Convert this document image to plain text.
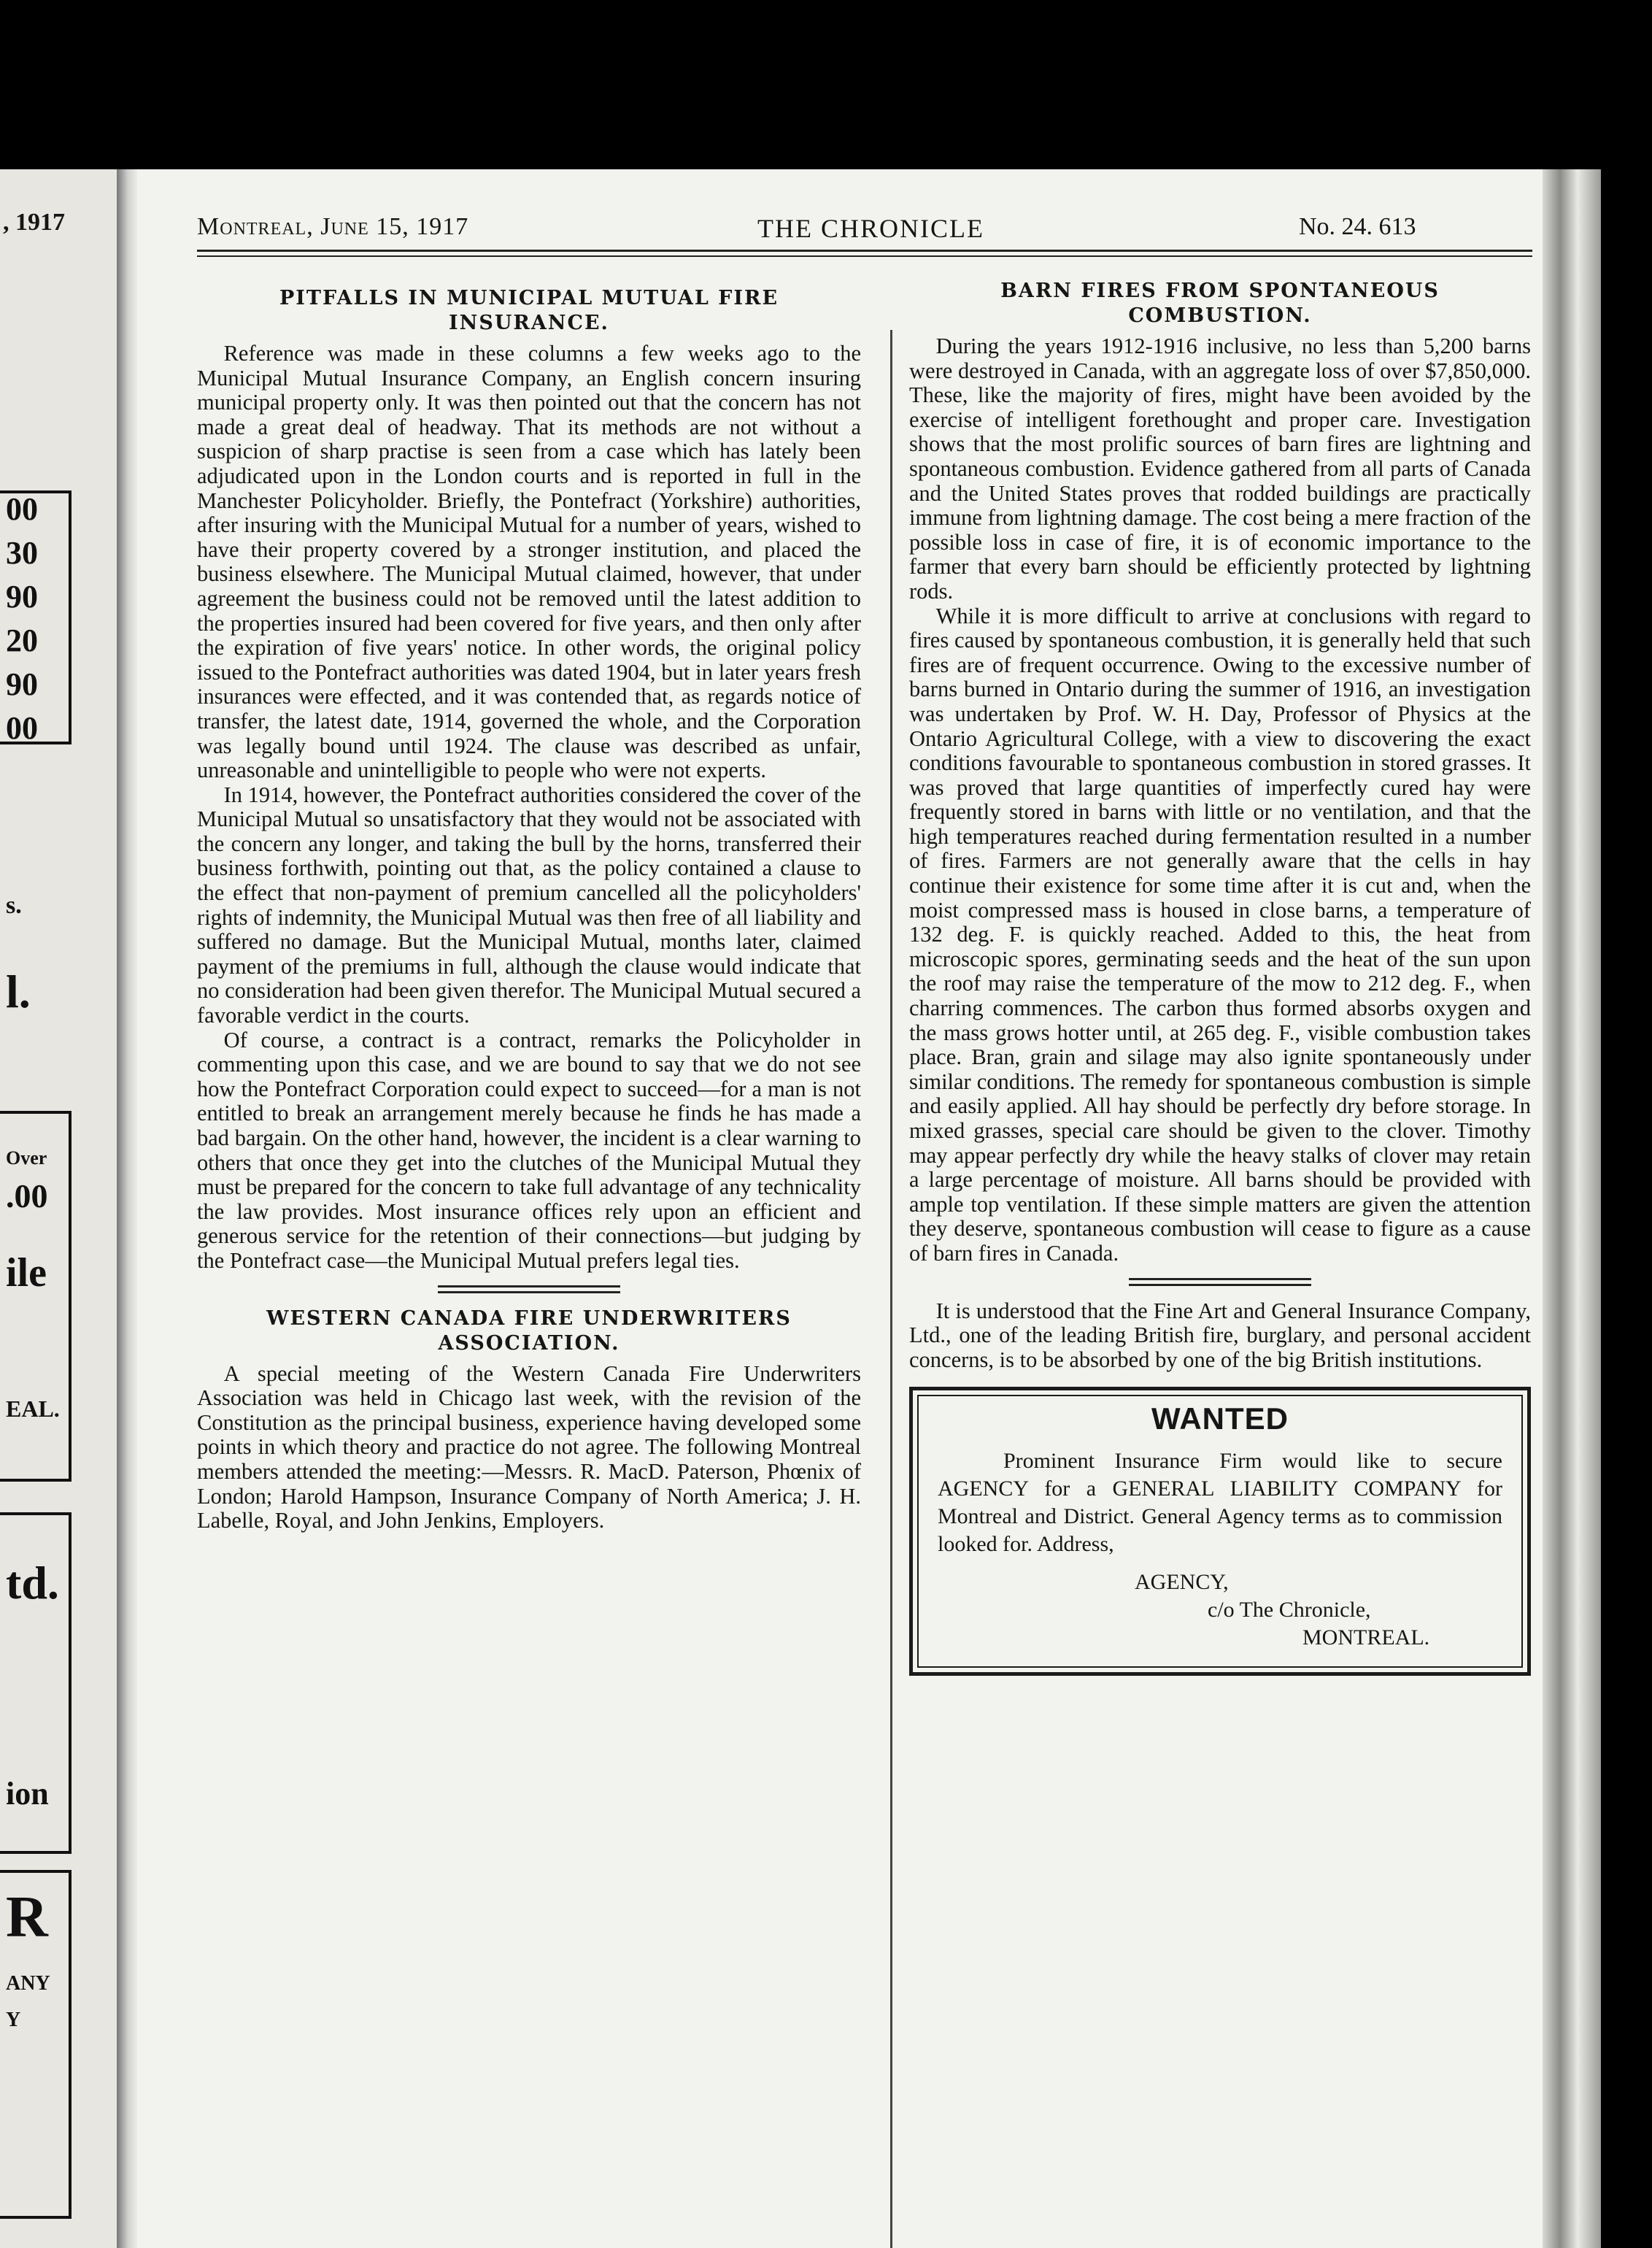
, 1917
00
30
90
20
90
00
s.
l.
Over
.00
ile
EAL.
td.
ion
R
ANY
Y
Montreal, June 15, 1917	THE CHRONICLE	No. 24. 613
PITFALLS IN MUNICIPAL MUTUAL FIRE INSURANCE.

Reference was made in these columns a few weeks ago to the Municipal Mutual Insurance Company, an English concern insuring municipal property only. It was then pointed out that the concern has not made a great deal of headway. That its methods are not without a suspicion of sharp practise is seen from a case which has lately been adjudicated upon in the London courts and is reported in full in the Manchester Policyholder. Briefly, the Pontefract (Yorkshire) authorities, after insuring with the Municipal Mutual for a number of years, wished to have their property covered by a stronger institution, and placed the business elsewhere. The Municipal Mutual claimed, however, that under agreement the business could not be removed until the latest addition to the properties insured had been covered for five years, and then only after the expiration of five years' notice. In other words, the original policy issued to the Pontefract authorities was dated 1904, but in later years fresh insurances were effected, and it was contended that, as regards notice of transfer, the latest date, 1914, governed the whole, and the Corporation was legally bound until 1924. The clause was described as unfair, unreasonable and unintelligible to people who were not experts.

In 1914, however, the Pontefract authorities considered the cover of the Municipal Mutual so unsatisfactory that they would not be associated with the concern any longer, and taking the bull by the horns, transferred their business forthwith, pointing out that, as the policy contained a clause to the effect that non-payment of premium cancelled all the policyholders' rights of indemnity, the Municipal Mutual was then free of all liability and suffered no damage. But the Municipal Mutual, months later, claimed payment of the premiums in full, although the clause would indicate that no consideration had been given therefor. The Municipal Mutual secured a favorable verdict in the courts.

Of course, a contract is a contract, remarks the Policyholder in commenting upon this case, and we are bound to say that we do not see how the Pontefract Corporation could expect to succeed—for a man is not entitled to break an arrangement merely because he finds he has made a bad bargain. On the other hand, however, the incident is a clear warning to others that once they get into the clutches of the Municipal Mutual they must be prepared for the concern to take full advantage of any technicality the law provides. Most insurance offices rely upon an efficient and generous service for the retention of their connections—but judging by the Pontefract case—the Municipal Mutual prefers legal ties.

WESTERN CANADA FIRE UNDERWRITERS ASSOCIATION.

A special meeting of the Western Canada Fire Underwriters Association was held in Chicago last week, with the revision of the Constitution as the principal business, experience having developed some points in which theory and practice do not agree. The following Montreal members attended the meeting:—Messrs. R. MacD. Paterson, Phœnix of London; Harold Hampson, Insurance Company of North America; J. H. Labelle, Royal, and John Jenkins, Employers.

BARN FIRES FROM SPONTANEOUS COMBUSTION.

During the years 1912-1916 inclusive, no less than 5,200 barns were destroyed in Canada, with an aggregate loss of over $7,850,000. These, like the majority of fires, might have been avoided by the exercise of intelligent forethought and proper care. Investigation shows that the most prolific sources of barn fires are lightning and spontaneous combustion. Evidence gathered from all parts of Canada and the United States proves that rodded buildings are practically immune from lightning damage. The cost being a mere fraction of the possible loss in case of fire, it is of economic importance to the farmer that every barn should be efficiently protected by lightning rods.

While it is more difficult to arrive at conclusions with regard to fires caused by spontaneous combustion, it is generally held that such fires are of frequent occurrence. Owing to the excessive number of barns burned in Ontario during the summer of 1916, an investigation was undertaken by Prof. W. H. Day, Professor of Physics at the Ontario Agricultural College, with a view to discovering the exact conditions favourable to spontaneous combustion in stored grasses. It was proved that large quantities of imperfectly cured hay were frequently stored in barns with little or no ventilation, and that the high temperatures reached during fermentation resulted in a number of fires. Farmers are not generally aware that the cells in hay continue their existence for some time after it is cut and, when the moist compressed mass is housed in close barns, a temperature of 132 deg. F. is quickly reached. Added to this, the heat from microscopic spores, germinating seeds and the heat of the sun upon the roof may raise the temperature of the mow to 212 deg. F., when charring commences. The carbon thus formed absorbs oxygen and the mass grows hotter until, at 265 deg. F., visible combustion takes place. Bran, grain and silage may also ignite spontaneously under similar conditions. The remedy for spontaneous combustion is simple and easily applied. All hay should be perfectly dry before storage. In mixed grasses, special care should be given to the clover. Timothy may appear perfectly dry while the heavy stalks of clover may retain a large percentage of moisture. All barns should be provided with ample top ventilation. If these simple matters are given the attention they deserve, spontaneous combustion will cease to figure as a cause of barn fires in Canada.

It is understood that the Fine Art and General Insurance Company, Ltd., one of the leading British fire, burglary, and personal accident concerns, is to be absorbed by one of the big British institutions.

WANTED

Prominent Insurance Firm would like to secure AGENCY for a GENERAL LIABILITY COMPANY for Montreal and District. General Agency terms as to commission looked for. Address,

AGENCY,
c/o The Chronicle,
MONTREAL.
